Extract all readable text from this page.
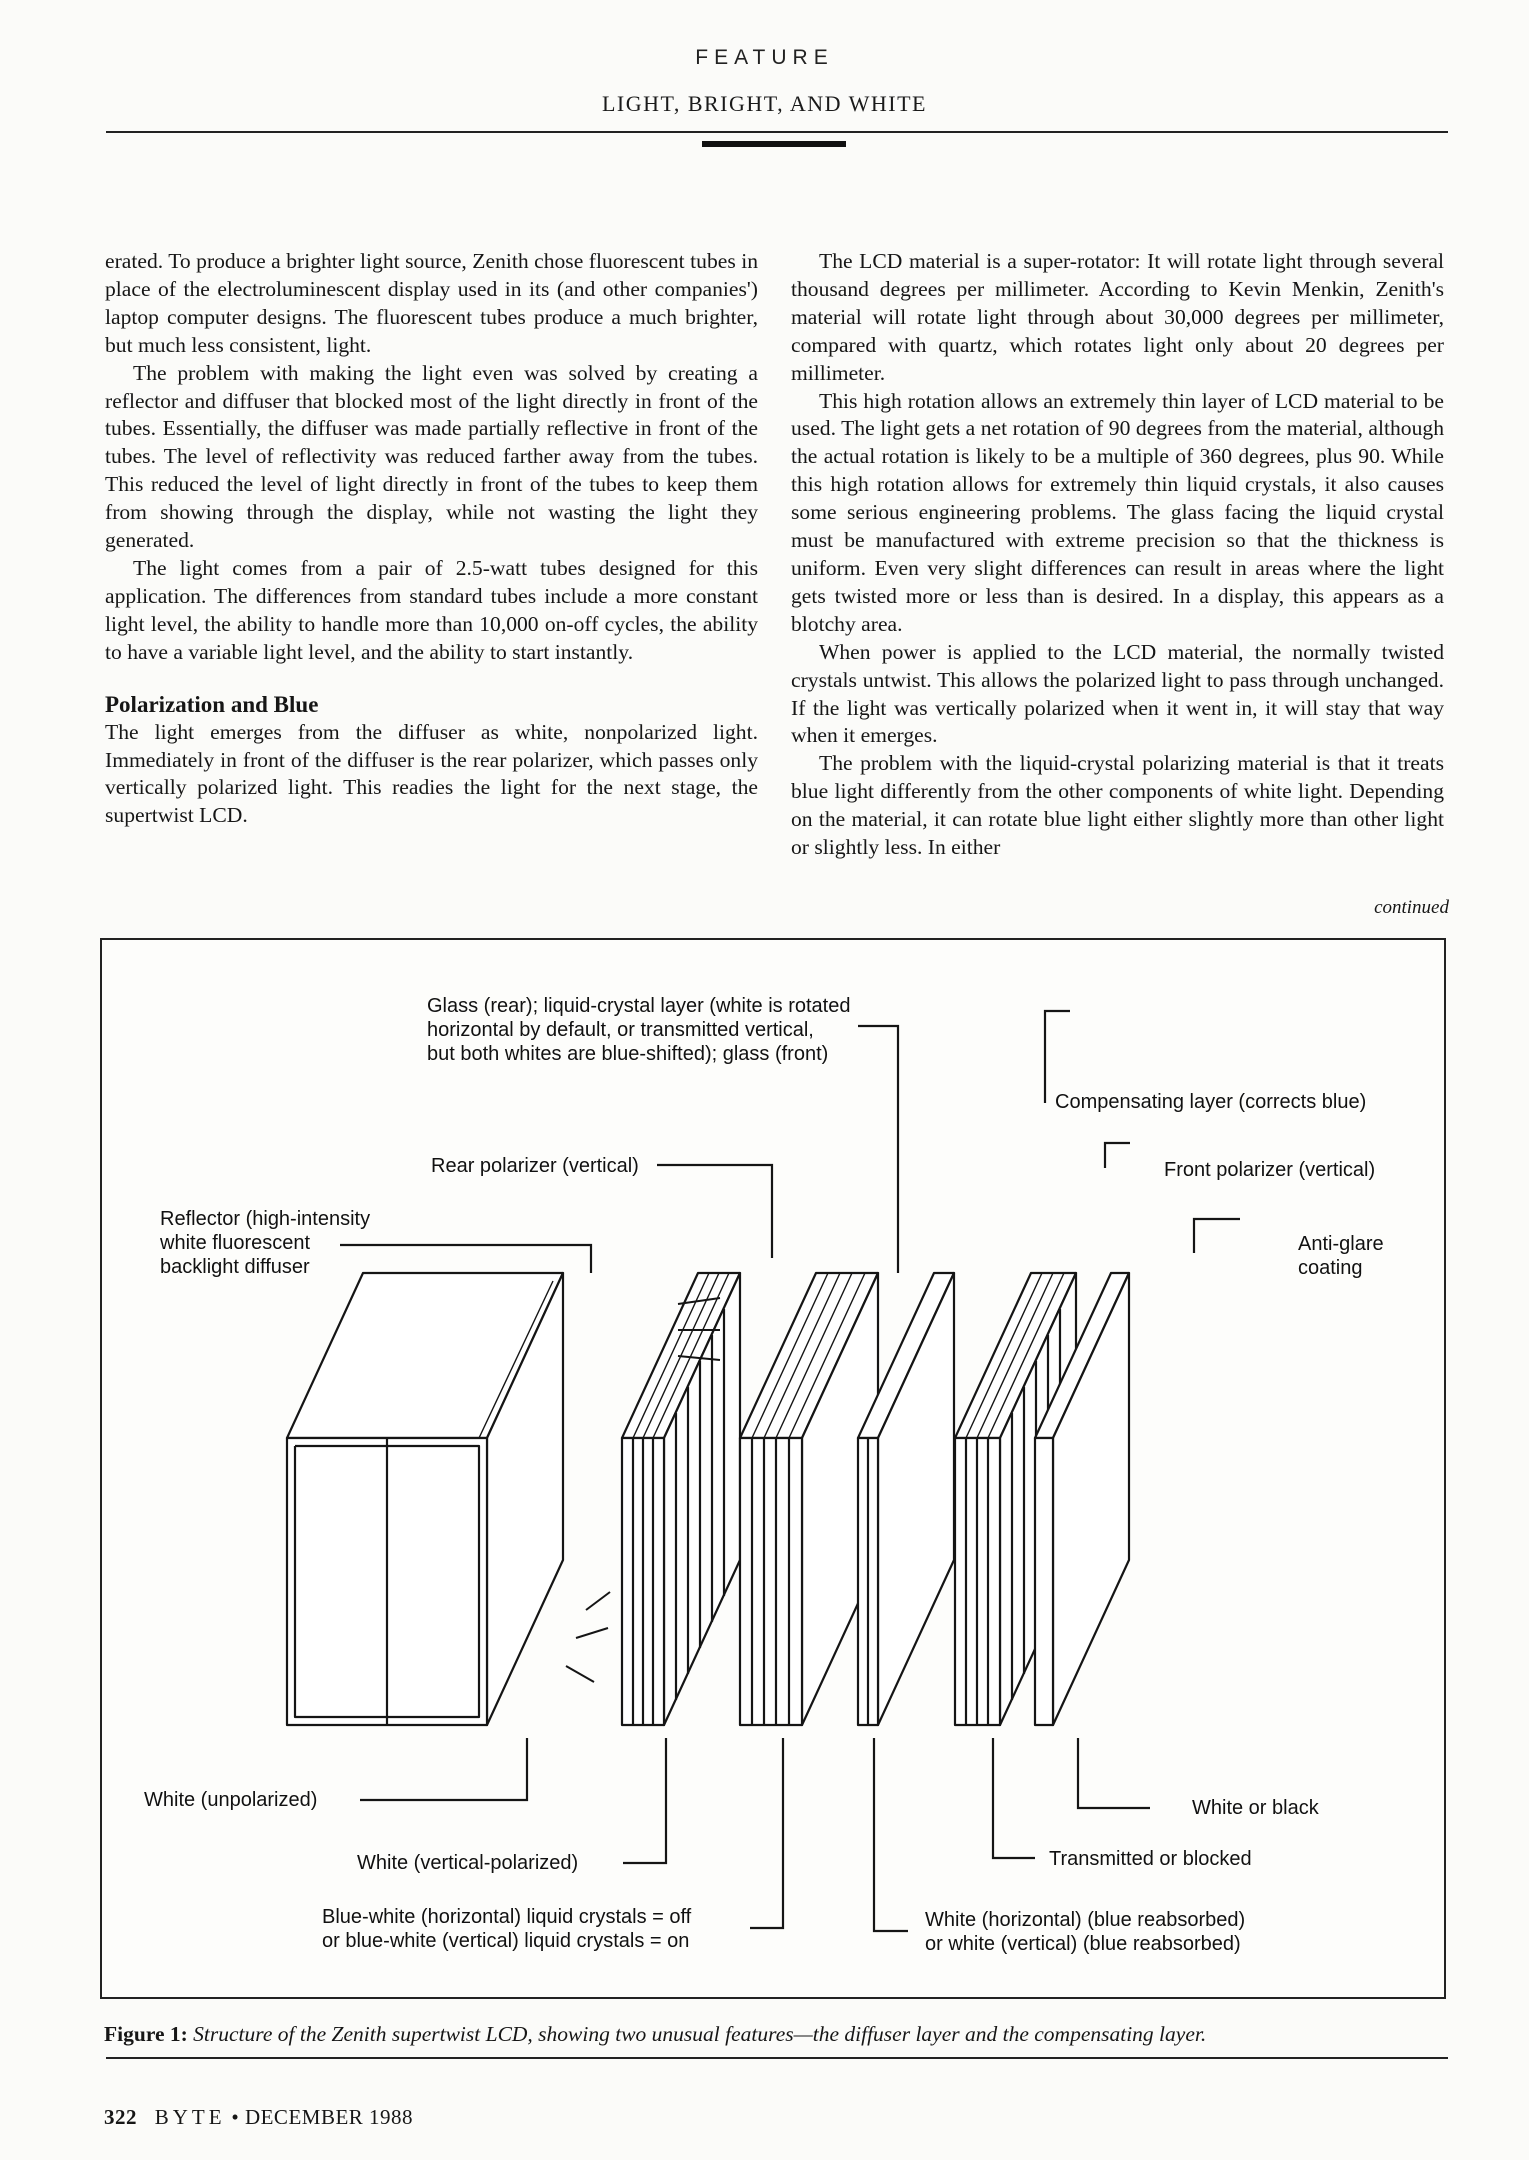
FEATURE
LIGHT, BRIGHT, AND WHITE

erated. To produce a brighter light source, Zenith chose fluorescent tubes in place of the electroluminescent display used in its (and other companies') laptop computer designs. The fluorescent tubes produce a much brighter, but much less consistent, light.

The problem with making the light even was solved by creating a reflector and diffuser that blocked most of the light directly in front of the tubes. Essentially, the diffuser was made partially reflective in front of the tubes. The level of reflectivity was reduced farther away from the tubes. This reduced the level of light directly in front of the tubes to keep them from showing through the display, while not wasting the light they generated.

The light comes from a pair of 2.5-watt tubes designed for this application. The differences from standard tubes include a more constant light level, the ability to handle more than 10,000 on-off cycles, the ability to have a variable light level, and the ability to start instantly.

Polarization and Blue

The light emerges from the diffuser as white, nonpolarized light. Immediately in front of the diffuser is the rear polarizer, which passes only vertically polarized light. This readies the light for the next stage, the supertwist LCD.

The LCD material is a super-rotator: It will rotate light through several thousand degrees per millimeter. According to Kevin Menkin, Zenith's material will rotate light through about 30,000 degrees per millimeter, compared with quartz, which rotates light only about 20 degrees per millimeter.

This high rotation allows an extremely thin layer of LCD material to be used. The light gets a net rotation of 90 degrees from the material, although the actual rotation is likely to be a multiple of 360 degrees, plus 90. While this high rotation allows for extremely thin liquid crystals, it also causes some serious engineering problems. The glass facing the liquid crystal must be manufactured with extreme precision so that the thickness is uniform. Even very slight differences can result in areas where the light gets twisted more or less than is desired. In a display, this appears as a blotchy area.

When power is applied to the LCD material, the normally twisted crystals untwist. This allows the polarized light to pass through unchanged. If the light was vertically polarized when it went in, it will stay that way when it emerges.

The problem with the liquid-crystal polarizing material is that it treats blue light differently from the other components of white light. Depending on the material, it can rotate blue light either slightly more than other light or slightly less. In either

continued
Glass (rear); liquid-crystal layer (white is rotated
horizontal by default, or transmitted vertical,
but both whites are blue-shifted); glass (front)
Compensating layer (corrects blue)
Rear polarizer (vertical)	Front polarizer (vertical)
Reflector (high-intensity
white fluorescent
backlight diffuser
Anti-glare
coating
White (unpolarized)	White or black
White (vertical-polarized)	Transmitted or blocked
Blue-white (horizontal) liquid crystals = off
or blue-white (vertical) liquid crystals = on
White (horizontal) (blue reabsorbed)
or white (vertical) (blue reabsorbed)
Figure 1: Structure of the Zenith supertwist LCD, showing two unusual features—the diffuser layer and the compensating layer.
322 BYTE • DECEMBER 1988
